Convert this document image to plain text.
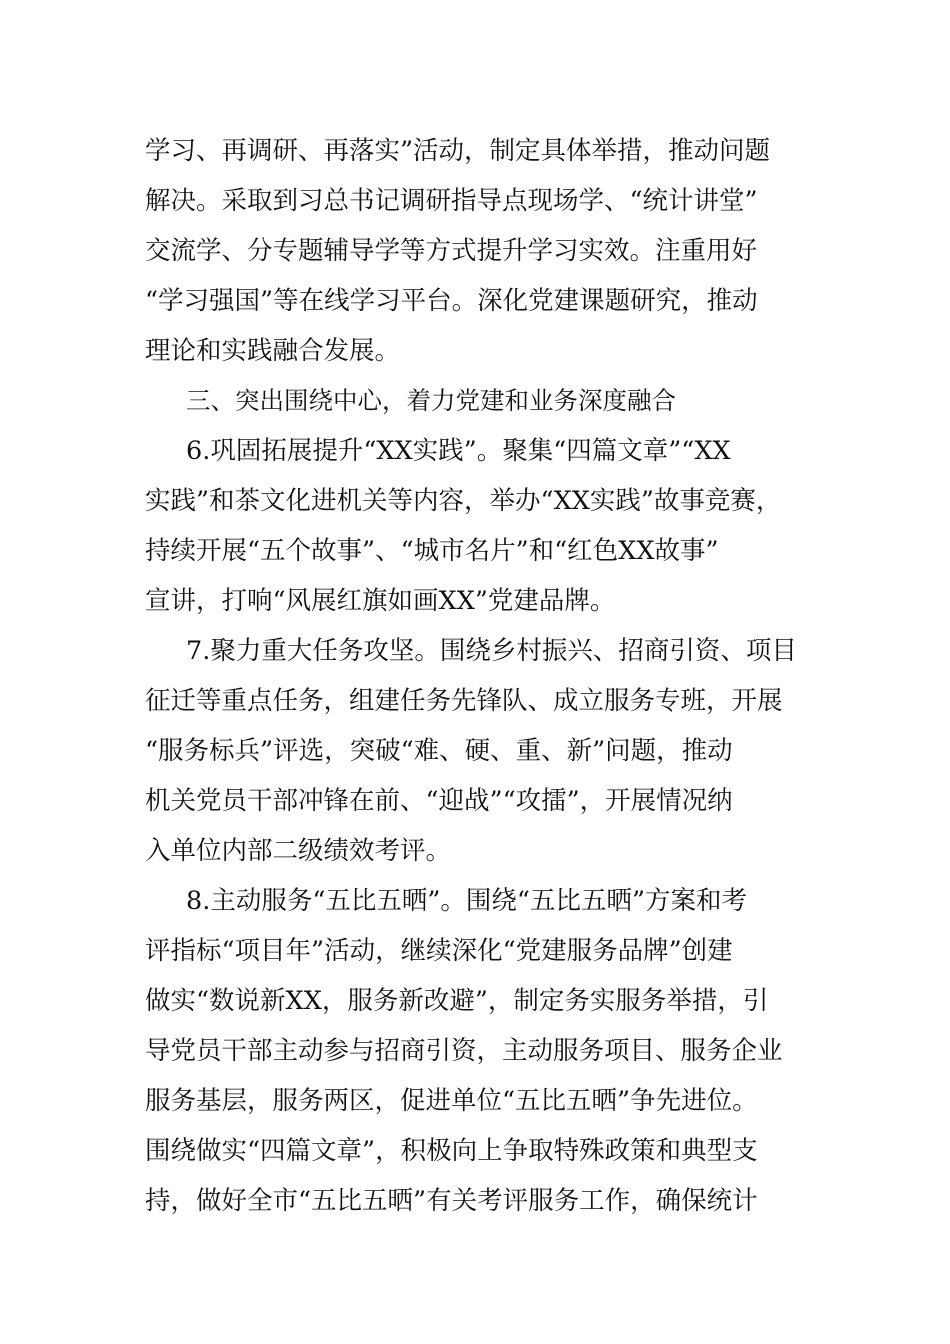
学习、再调研、再落实”活动，制定具体举措，推动问题

解决。采取到习总书记调研指导点现场学、“统计讲堂”

交流学、分专题辅导学等方式提升学习实效。注重用好

“学习强国”等在线学习平台。深化党建课题研究，推动

理论和实践融合发展。

三、突出围绕中心，着力党建和业务深度融合

6.巩固拓展提升“XX实践”。聚集“四篇文章”“XX

实践”和茶文化进机关等内容，举办“XX实践”故事竞赛，

持续开展“五个故事”、“城市名片”和“红色XX故事”

宣讲，打响“风展红旗如画XX”党建品牌。

7.聚力重大任务攻坚。围绕乡村振兴、招商引资、项目

征迁等重点任务，组建任务先锋队、成立服务专班，开展

“服务标兵”评选，突破“难、硬、重、新”问题，推动

机关党员干部冲锋在前、“迎战”“攻擂”，开展情况纳

入单位内部二级绩效考评。

8.主动服务“五比五晒”。围绕“五比五晒”方案和考

评指标“项目年”活动，继续深化“党建服务品牌”创建

做实“数说新XX，服务新改避”，制定务实服务举措，引

导党员干部主动参与招商引资，主动服务项目、服务企业

服务基层，服务两区，促进单位“五比五晒”争先进位。

围绕做实“四篇文章”，积极向上争取特殊政策和典型支

持，做好全市“五比五晒”有关考评服务工作，确保统计
